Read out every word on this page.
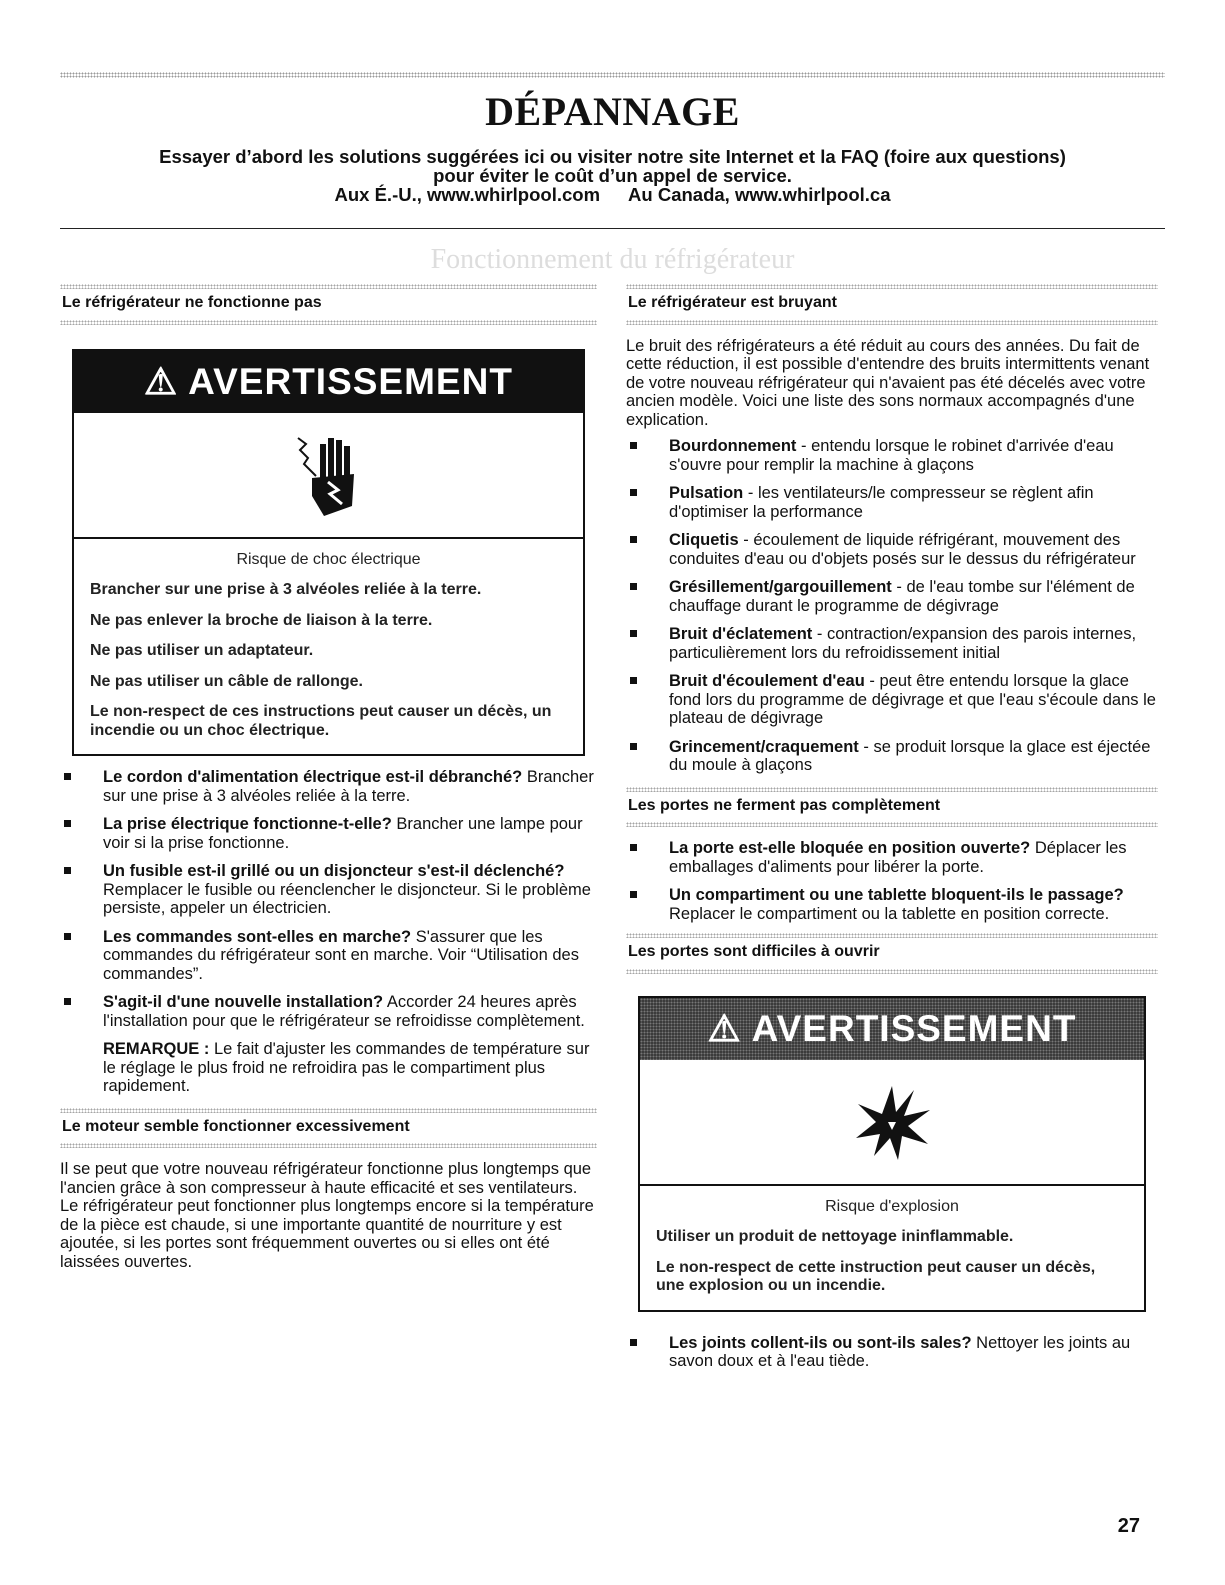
DÉPANNAGE
Essayer d’abord les solutions suggérées ici ou visiter notre site Internet et la FAQ (foire aux questions)
pour éviter le coût d’un appel de service.
Aux É.-U., www.whirlpool.com Au Canada, www.whirlpool.ca
Fonctionnement du réfrigérateur
Le réfrigérateur ne fonctionne pas
⚠ AVERTISSEMENT
Risque de choc électrique

Brancher sur une prise à 3 alvéoles reliée à la terre.

Ne pas enlever la broche de liaison à la terre.

Ne pas utiliser un adaptateur.

Ne pas utiliser un câble de rallonge.

Le non-respect de ces instructions peut causer un décès, un incendie ou un choc électrique.

Le cordon d'alimentation électrique est-il débranché? Brancher sur une prise à 3 alvéoles reliée à la terre.
La prise électrique fonctionne-t-elle? Brancher une lampe pour voir si la prise fonctionne.
Un fusible est-il grillé ou un disjoncteur s'est-il déclenché? Remplacer le fusible ou réenclencher le disjoncteur. Si le problème persiste, appeler un électricien.
Les commandes sont-elles en marche? S'assurer que les commandes du réfrigérateur sont en marche. Voir “Utilisation des commandes”.
S'agit-il d'une nouvelle installation? Accorder 24 heures après l'installation pour que le réfrigérateur se refroidisse complètement.

REMARQUE : Le fait d'ajuster les commandes de température sur le réglage le plus froid ne refroidira pas le compartiment plus rapidement.

Le moteur semble fonctionner excessivement

Il se peut que votre nouveau réfrigérateur fonctionne plus longtemps que l'ancien grâce à son compresseur à haute efficacité et ses ventilateurs. Le réfrigérateur peut fonctionner plus longtemps encore si la température de la pièce est chaude, si une importante quantité de nourriture y est ajoutée, si les portes sont fréquemment ouvertes ou si elles ont été laissées ouvertes.

Le réfrigérateur est bruyant

Le bruit des réfrigérateurs a été réduit au cours des années. Du fait de cette réduction, il est possible d'entendre des bruits intermittents venant de votre nouveau réfrigérateur qui n'avaient pas été décelés avec votre ancien modèle. Voici une liste des sons normaux accompagnés d'une explication.

Bourdonnement - entendu lorsque le robinet d'arrivée d'eau s'ouvre pour remplir la machine à glaçons
Pulsation - les ventilateurs/le compresseur se règlent afin d'optimiser la performance
Cliquetis - écoulement de liquide réfrigérant, mouvement des conduites d'eau ou d'objets posés sur le dessus du réfrigérateur
Grésillement/gargouillement - de l'eau tombe sur l'élément de chauffage durant le programme de dégivrage
Bruit d'éclatement - contraction/expansion des parois internes, particulièrement lors du refroidissement initial
Bruit d'écoulement d'eau - peut être entendu lorsque la glace fond lors du programme de dégivrage et que l'eau s'écoule dans le plateau de dégivrage
Grincement/craquement - se produit lorsque la glace est éjectée du moule à glaçons
Les portes ne ferment pas complètement
La porte est-elle bloquée en position ouverte? Déplacer les emballages d'aliments pour libérer la porte.
Un compartiment ou une tablette bloquent-ils le passage? Replacer le compartiment ou la tablette en position correcte.
Les portes sont difficiles à ouvrir
⚠ AVERTISSEMENT
Risque d'explosion

Utiliser un produit de nettoyage ininflammable.

Le non-respect de cette instruction peut causer un décès, une explosion ou un incendie.

Les joints collent-ils ou sont-ils sales? Nettoyer les joints au savon doux et à l'eau tiède.
27
